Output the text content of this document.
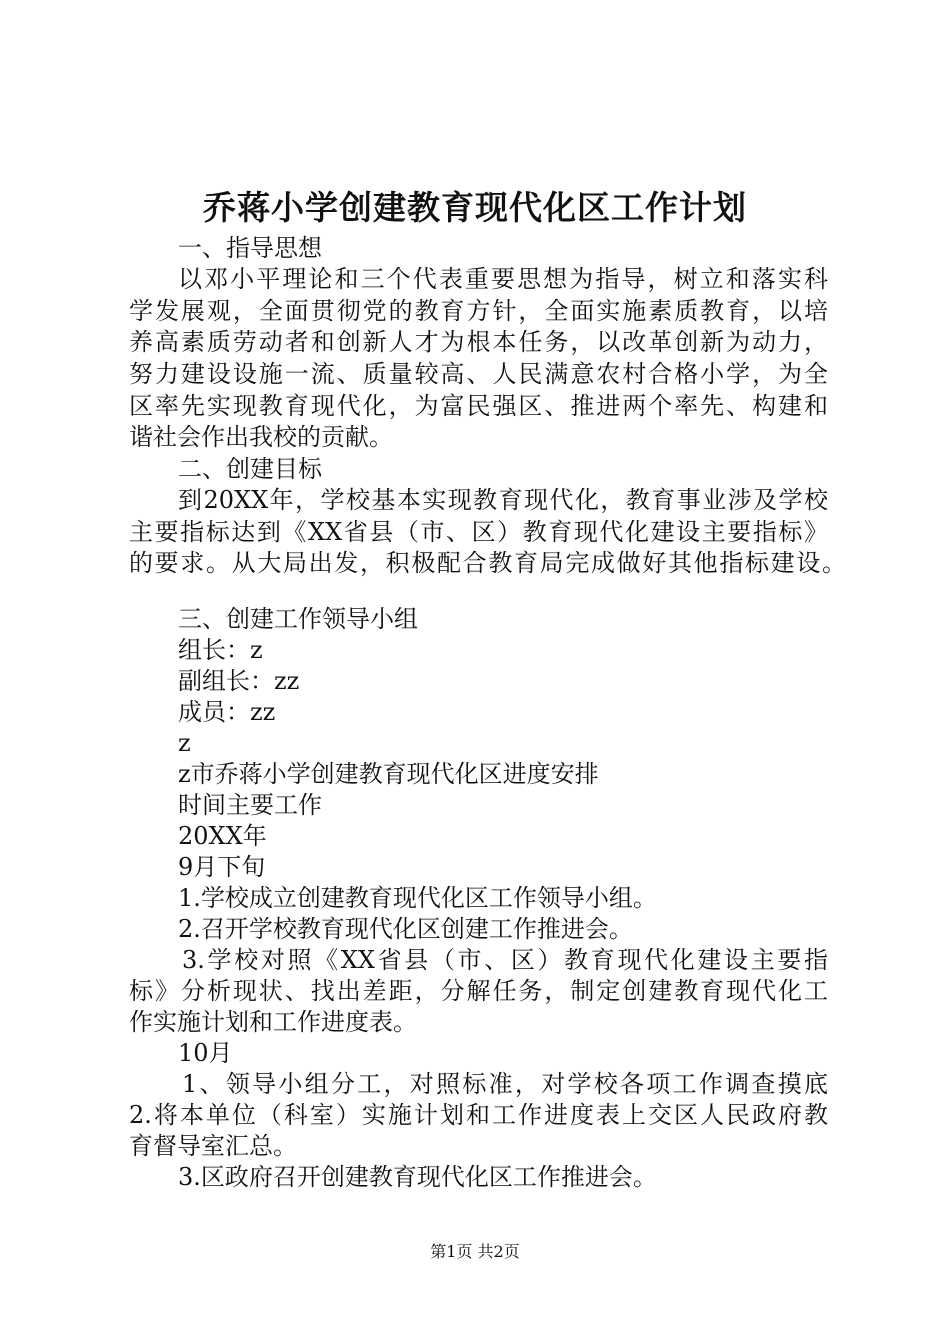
乔蒋小学创建教育现代化区工作计划
一、指导思想
以邓小平理论和三个代表重要思想为指导，树立和落实科
学发展观，全面贯彻党的教育方针，全面实施素质教育，以培
养高素质劳动者和创新人才为根本任务，以改革创新为动力，
努力建设设施一流、质量较高、人民满意农村合格小学，为全
区率先实现教育现代化，为富民强区、推进两个率先、构建和
谐社会作出我校的贡献。
二、创建目标
到20XX年，学校基本实现教育现代化，教育事业涉及学校
主要指标达到《XX省县（市、区）教育现代化建设主要指标》
的要求。从大局出发，积极配合教育局完成做好其他指标建设。
三、创建工作领导小组
组长：z
副组长：zz
成员：zz
z
z市乔蒋小学创建教育现代化区进度安排
时间主要工作
20XX年
9月下旬
1.学校成立创建教育现代化区工作领导小组。
2.召开学校教育现代化区创建工作推进会。
3.学校对照《XX省县（市、区）教育现代化建设主要指
标》分析现状、找出差距，分解任务，制定创建教育现代化工
作实施计划和工作进度表。
10月
1、领导小组分工，对照标准，对学校各项工作调查摸底
2.将本单位（科室）实施计划和工作进度表上交区人民政府教
育督导室汇总。
3.区政府召开创建教育现代化区工作推进会。
第1页 共2页
